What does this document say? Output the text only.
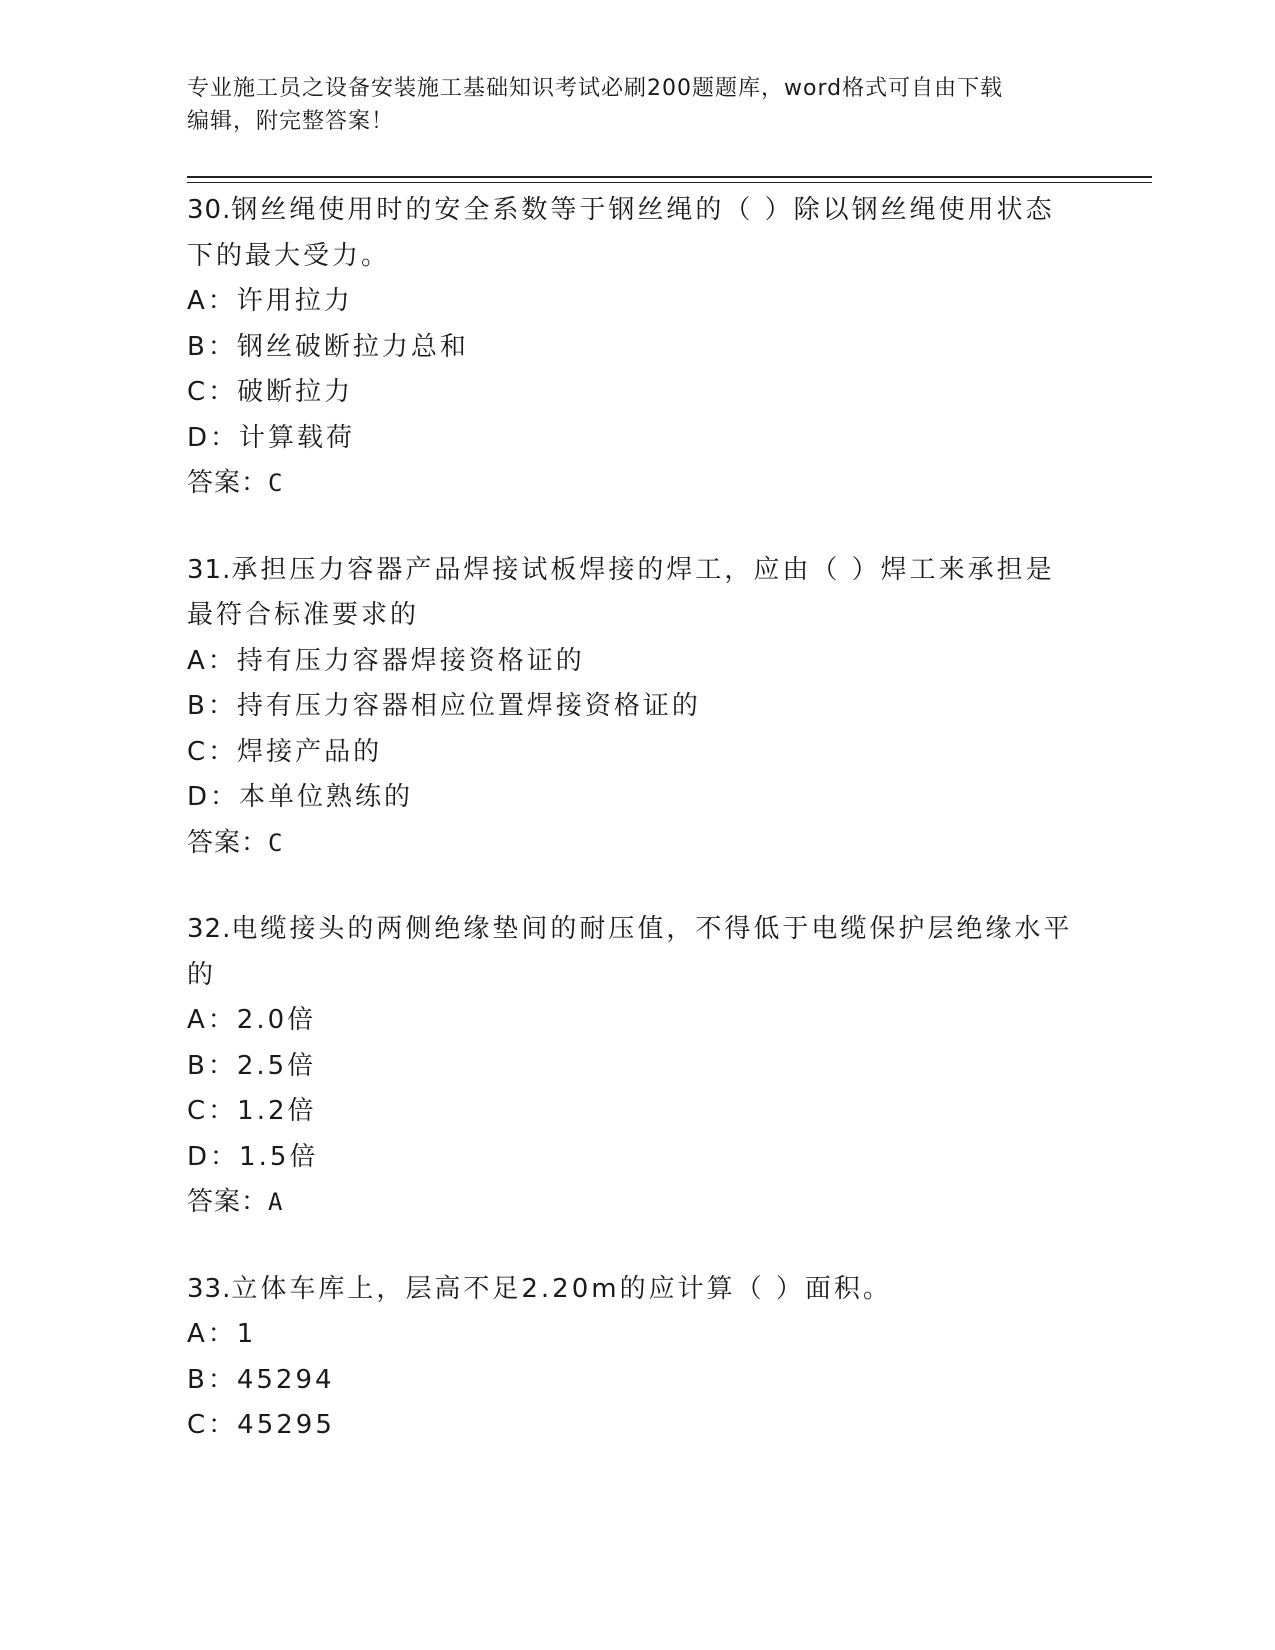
专业施工员之设备安装施工基础知识考试必刷200题题库，word格式可自由下载
编辑，附完整答案！
30.钢丝绳使用时的安全系数等于钢丝绳的（ ）除以钢丝绳使用状态
下的最大受力。
A：许用拉力
B：钢丝破断拉力总和
C：破断拉力
D：计算载荷
答案：C
31.承担压力容器产品焊接试板焊接的焊工，应由（ ）焊工来承担是
最符合标准要求的
A：持有压力容器焊接资格证的
B：持有压力容器相应位置焊接资格证的
C：焊接产品的
D：本单位熟练的
答案：C
32.电缆接头的两侧绝缘垫间的耐压值，不得低于电缆保护层绝缘水平
的
A：2.0倍
B：2.5倍
C：1.2倍
D：1.5倍
答案：A
33.立体车库上，层高不足2.20m的应计算（ ）面积。
A：1
B：45294
C：45295
